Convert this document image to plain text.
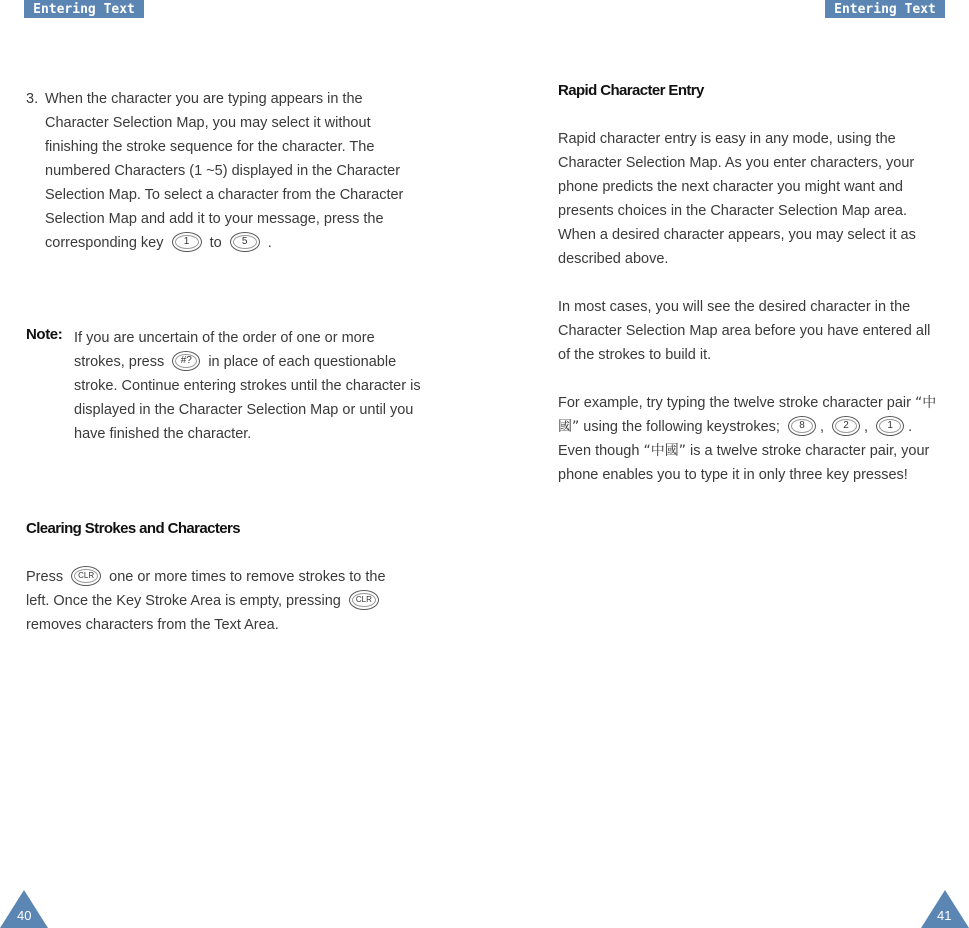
Entering Text	Entering Text
3. When the character you are typing appears in the Character Selection Map, you may select it without finishing the stroke sequence for the character. The numbered Characters (1 ~5) displayed in the Character Selection Map. To select a character from the Character Selection Map and add it to your message, press the corresponding key 1 to 5 .
Note: If you are uncertain of the order of one or more strokes, press #? in place of each questionable stroke. Continue entering strokes until the character is displayed in the Character Selection Map or until you have finished the character.
Clearing Strokes and Characters
Press CLR one or more times to remove strokes to the left. Once the Key Stroke Area is empty, pressing CLR removes characters from the Text Area.
Rapid Character Entry
Rapid character entry is easy in any mode, using the Character Selection Map. As you enter characters, your phone predicts the next character you might want and presents choices in the Character Selection Map area. When a desired character appears, you may select it as described above.
In most cases, you will see the desired character in the Character Selection Map area before you have entered all of the strokes to build it.
For example, try typing the twelve stroke character pair “中國” using the following keystrokes; 8 , 2 , 1 . Even though “中國” is a twelve stroke character pair, your phone enables you to type it in only three key presses!
40	41
